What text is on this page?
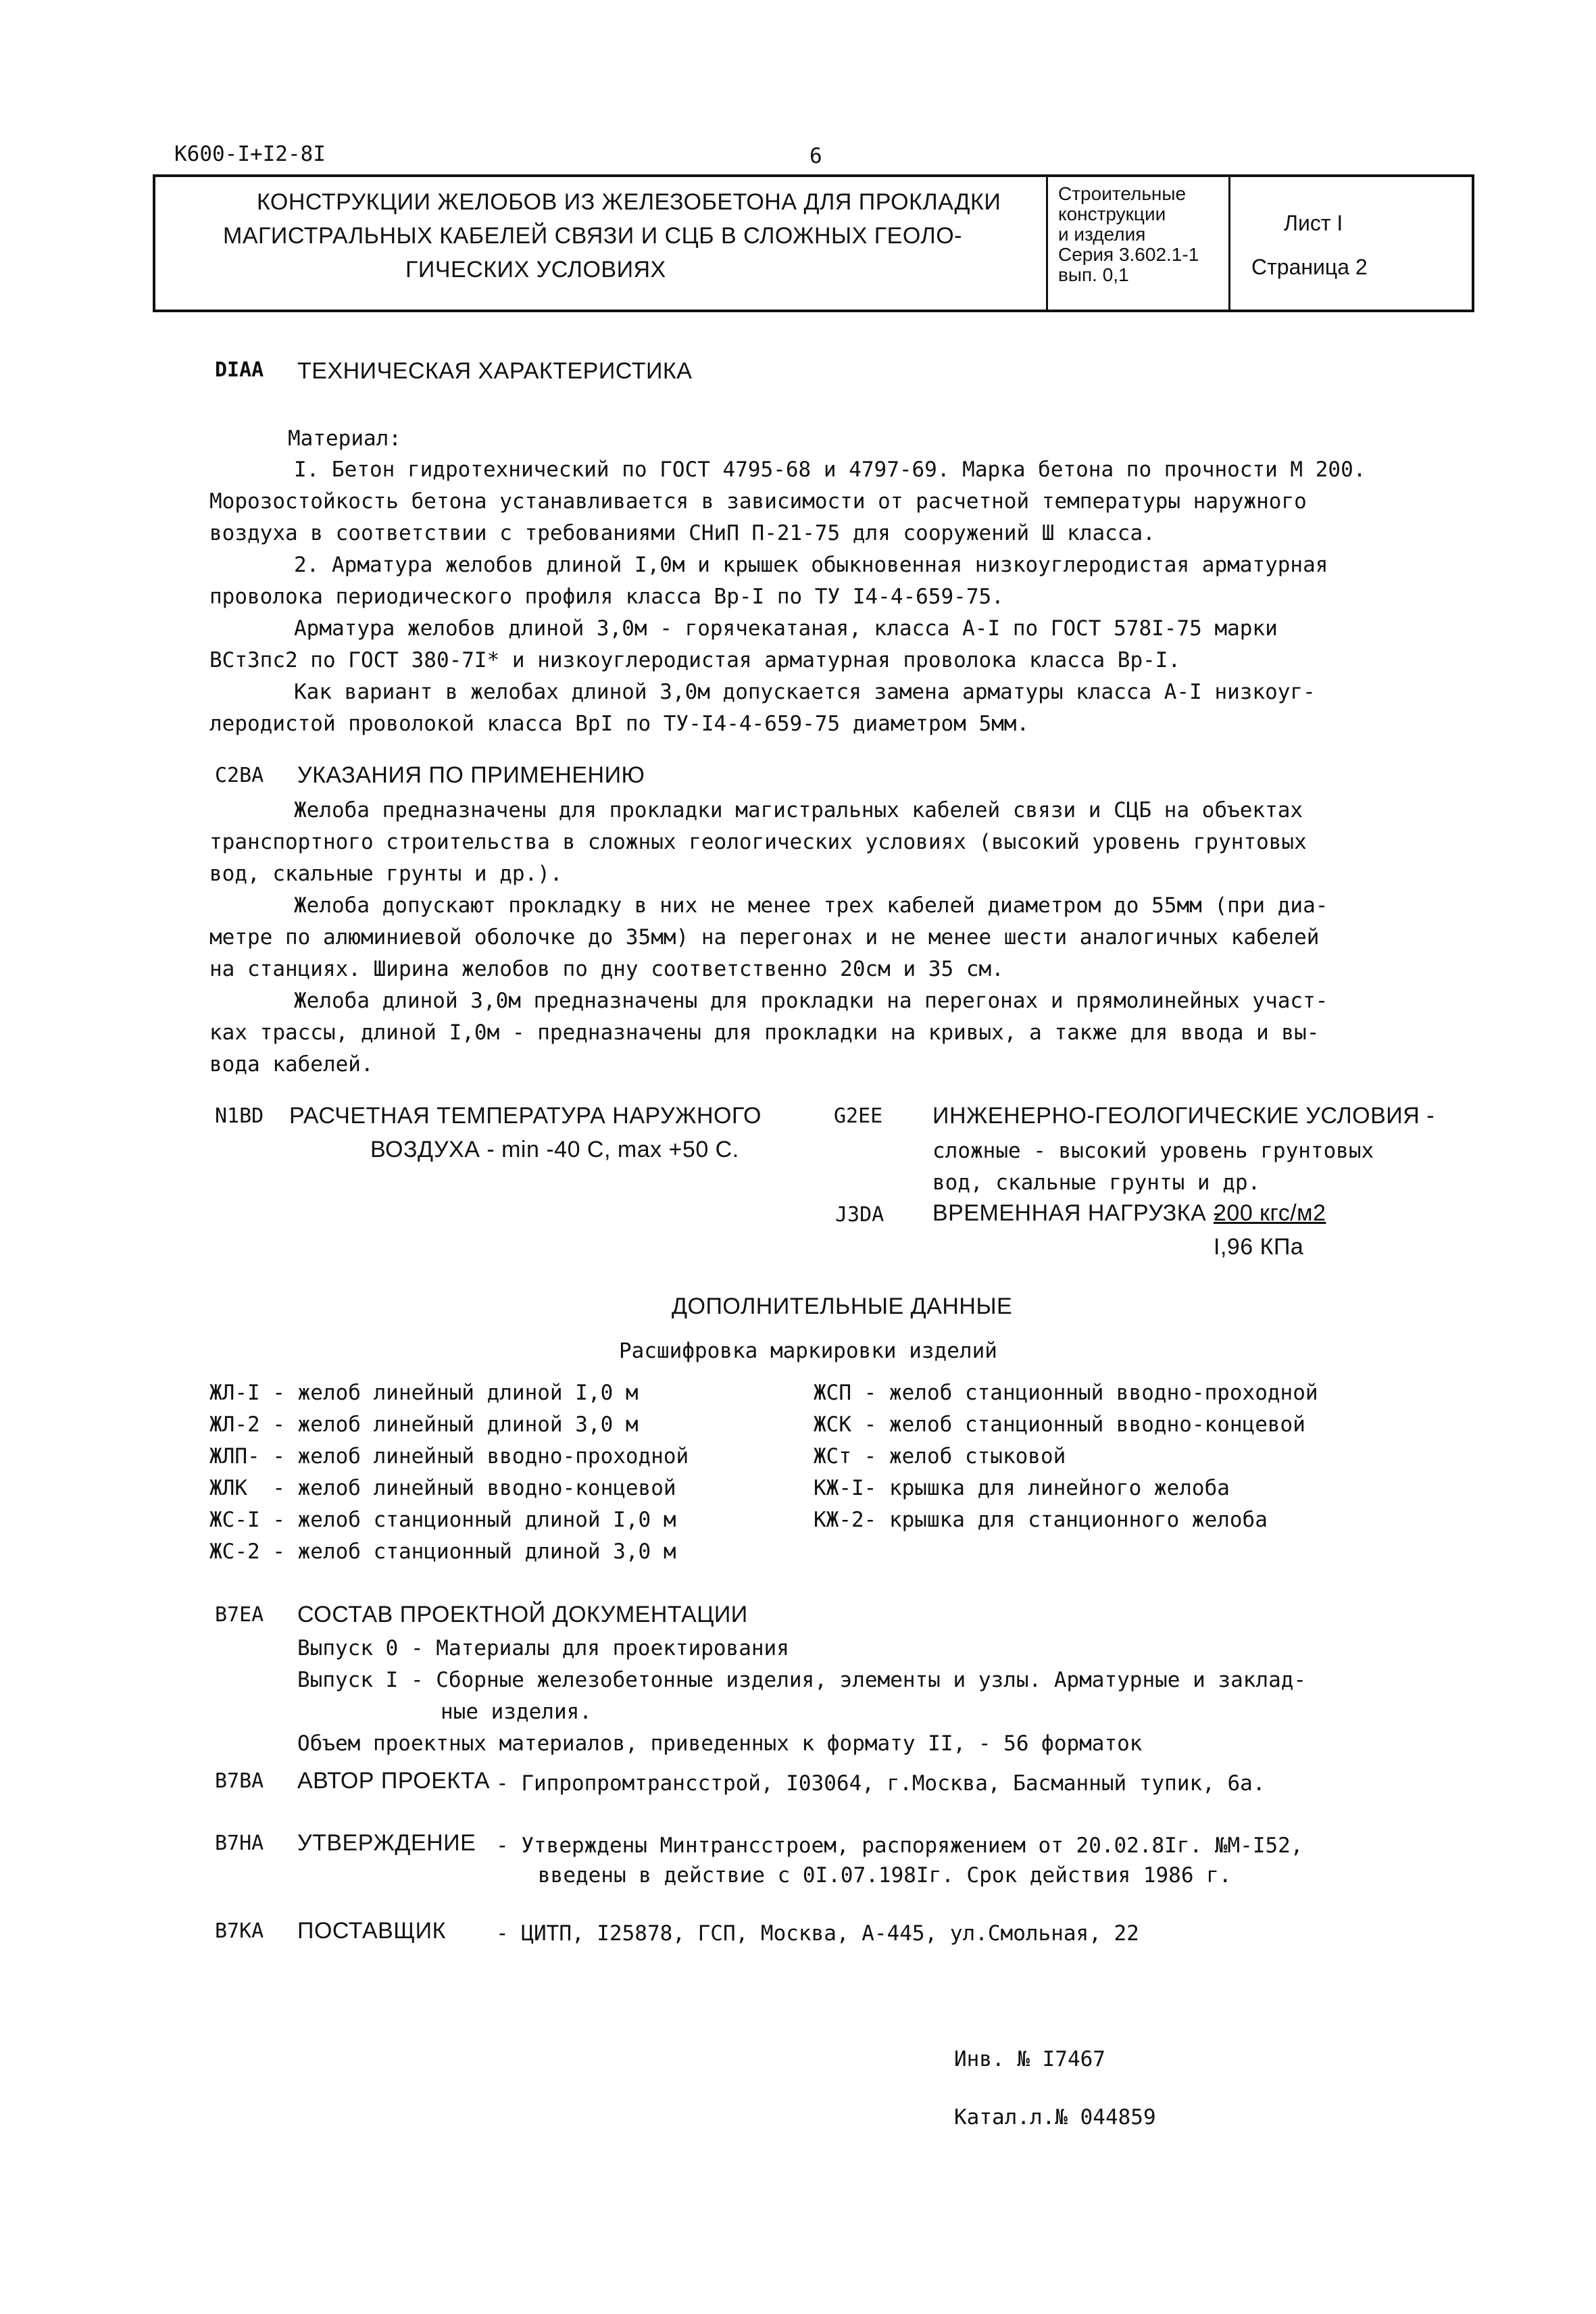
К600-I+I2-8I	6
КОНСТРУКЦИИ ЖЕЛОБОВ ИЗ ЖЕЛЕЗОБЕТОНА ДЛЯ ПРОКЛАДКИ
МАГИСТРАЛЬНЫХ КАБЕЛЕЙ СВЯЗИ И СЦБ В СЛОЖНЫХ ГЕОЛО-
ГИЧЕСКИХ УСЛОВИЯХ
Строительные
конструкции
и изделия
Серия 3.602.1-1
вып. 0,1
Лист I
Страница 2
DIAA ТЕХНИЧЕСКАЯ ХАРАКТЕРИСТИКА
Материал:
I. Бетон гидротехнический по ГОСТ 4795-68 и 4797-69. Марка бетона по прочности М 200.
Морозостойкость бетона устанавливается в зависимости от расчетной температуры наружного
воздуха в соответствии с требованиями СНиП П-21-75 для сооружений Ш класса.
2. Арматура желобов длиной I,0м и крышек обыкновенная низкоуглеродистая арматурная
проволока периодического профиля класса Вр-I по ТУ I4-4-659-75.
Арматура желобов длиной 3,0м - горячекатаная, класса А-I по ГОСТ 578I-75 марки
ВСт3пс2 по ГОСТ 380-7I* и низкоуглеродистая арматурная проволока класса Вр-I.
Как вариант в желобах длиной 3,0м допускается замена арматуры класса А-I низкоуг-
леродистой проволокой класса ВрI по ТУ-I4-4-659-75 диаметром 5мм.
C2BA УКАЗАНИЯ ПО ПРИМЕНЕНИЮ
Желоба предназначены для прокладки магистральных кабелей связи и СЦБ на объектах
транспортного строительства в сложных геологических условиях (высокий уровень грунтовых
вод, скальные грунты и др.).
Желоба допускают прокладку в них не менее трех кабелей диаметром до 55мм (при диа-
метре по алюминиевой оболочке до 35мм) на перегонах и не менее шести аналогичных кабелей
на станциях. Ширина желобов по дну соответственно 20см и 35 см.
Желоба длиной 3,0м предназначены для прокладки на перегонах и прямолинейных участ-
ках трассы, длиной I,0м - предназначены для прокладки на кривых, а также для ввода и вы-
вода кабелей.
N1BD РАСЧЕТНАЯ ТЕМПЕРАТУРА НАРУЖНОГО
ВОЗДУХА - min -40 С, max +50 С.
G2EE ИНЖЕНЕРНО-ГЕОЛОГИЧЕСКИЕ УСЛОВИЯ -
сложные - высокий уровень грунтовых
вод, скальные грунты и др.
J3DA ВРЕМЕННАЯ НАГРУЗКА -
200 кгс/м2
I,96 КПа
ДОПОЛНИТЕЛЬНЫЕ ДАННЫЕ
Расшифровка маркировки изделий
ЖЛ-I - желоб линейный длиной I,0 м
ЖЛ-2 - желоб линейный длиной 3,0 м
ЖЛП- - желоб линейный вводно-проходной
ЖЛК  - желоб линейный вводно-концевой
ЖС-I - желоб станционный длиной I,0 м
ЖС-2 - желоб станционный длиной 3,0 м
ЖСП - желоб станционный вводно-проходной
ЖСК - желоб станционный вводно-концевой
ЖСт - желоб стыковой
КЖ-I- крышка для линейного желоба
КЖ-2- крышка для станционного желоба
B7EA СОСТАВ ПРОЕКТНОЙ ДОКУМЕНТАЦИИ
Выпуск 0 - Материалы для проектирования
Выпуск I - Сборные железобетонные изделия, элементы и узлы. Арматурные и заклад-
ные изделия.
Объем проектных материалов, приведенных к формату II, - 56 форматок
B7BA АВТОР ПРОЕКТА - Гипропромтрансстрой, I03064, г.Москва, Басманный тупик, 6а.
B7HA УТВЕРЖДЕНИЕ - Утверждены Минтрансстроем, распоряжением от 20.02.8Iг. №М-I52,
введены в действие с 0I.07.198Iг. Срок действия 1986 г.
B7KA ПОСТАВЩИК - ЦИТП, I25878, ГСП, Москва, А-445, ул.Смольная, 22
Инв. № I7467
Катал.л.№ 044859
